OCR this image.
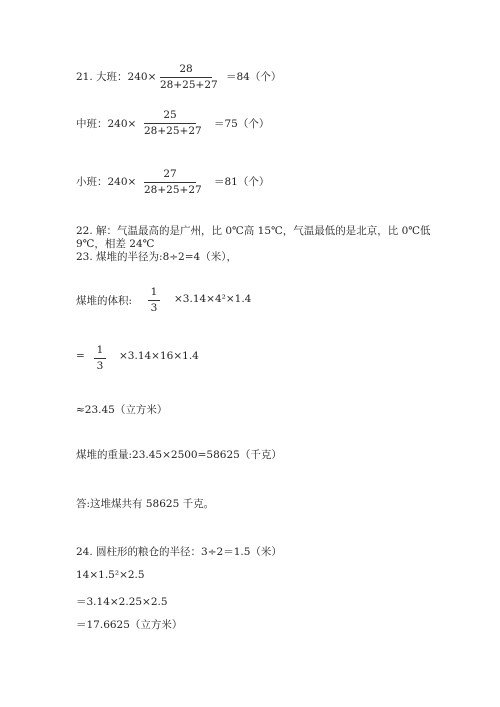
21. 大班：240×
28
28+25+27
＝84（个）
中班：240×
25
28+25+27
＝75（个）
小班：240×
27
28+25+27
＝81（个）
22. 解：气温最高的是广州，比 0℃高 15℃，气温最低的是北京，比 0℃低
9℃，相差 24℃
23. 煤堆的半径为:8÷2=4（米），
煤堆的体积:
1
3
×3.14×4²×1.4
= 1
3
×3.14×16×1.4
≈23.45（立方米）
煤堆的重量:23.45×2500=58625（千克）
答:这堆煤共有 58625 千克。
24. 圆柱形的粮仓的半径：3÷2＝1.5（米）
14×1.5²×2.5
＝3.14×2.25×2.5
＝17.6625（立方米）
